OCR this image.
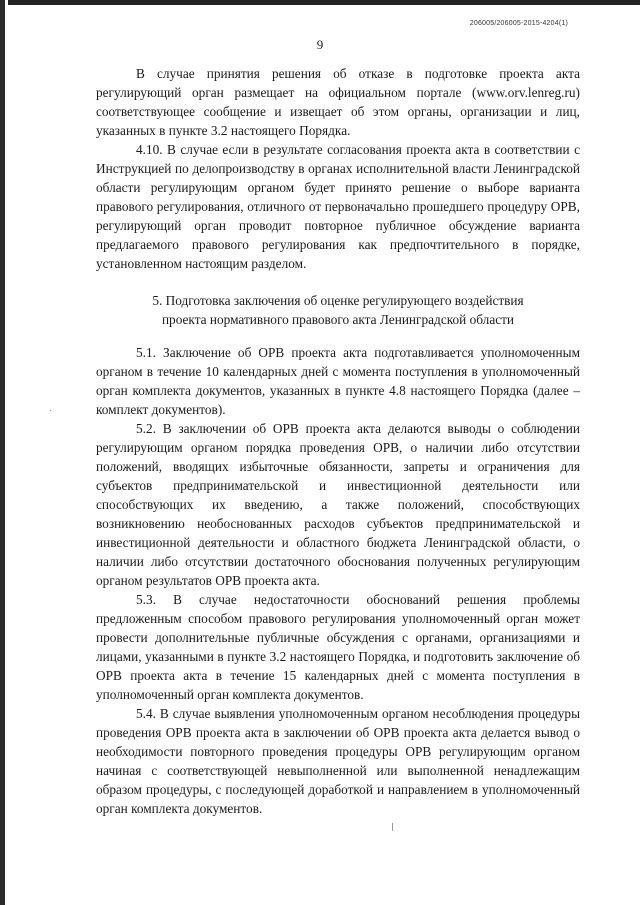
206005/206005-2015-4204(1)
9

В случае принятия решения об отказе в подготовке проекта акта регулирующий орган размещает на официальном портале (www.orv.lenreg.ru) соответствующее сообщение и извещает об этом органы, организации и лиц, указанных в пункте 3.2 настоящего Порядка.

4.10. В случае если в результате согласования проекта акта в соответствии с Инструкцией по делопроизводству в органах исполнительной власти Ленинградской области регулирующим органом будет принято решение о выборе варианта правового регулирования, отличного от первоначально прошедшего процедуру ОРВ, регулирующий орган проводит повторное публичное обсуждение варианта предлагаемого правового регулирования как предпочтительного в порядке, установленном настоящим разделом.

5. Подготовка заключения об оценке регулирующего воздействия
проекта нормативного правового акта Ленинградской области

5.1. Заключение об ОРВ проекта акта подготавливается уполномоченным органом в течение 10 календарных дней с момента поступления в уполномоченный орган комплекта документов, указанных в пункте 4.8 настоящего Порядка (далее – комплект документов).

5.2. В заключении об ОРВ проекта акта делаются выводы о соблюдении регулирующим органом порядка проведения ОРВ, о наличии либо отсутствии положений, вводящих избыточные обязанности, запреты и ограничения для субъектов предпринимательской и инвестиционной деятельности или способствующих их введению, а также положений, способствующих возникновению необоснованных расходов субъектов предпринимательской и инвестиционной деятельности и областного бюджета Ленинградской области, о наличии либо отсутствии достаточного обоснования полученных регулирующим органом результатов ОРВ проекта акта.

5.3. В случае недостаточности обоснований решения проблемы предложенным способом правового регулирования уполномоченный орган может провести дополнительные публичные обсуждения с органами, организациями и лицами, указанными в пункте 3.2 настоящего Порядка, и подготовить заключение об ОРВ проекта акта в течение 15 календарных дней с момента поступления в уполномоченный орган комплекта документов.

5.4. В случае выявления уполномоченным органом несоблюдения процедуры проведения ОРВ проекта акта в заключении об ОРВ проекта акта делается вывод о необходимости повторного проведения процедуры ОРВ регулирующим органом начиная с соответствующей невыполненной или выполненной ненадлежащим образом процедуры, с последующей доработкой и направлением в уполномоченный орган комплекта документов.
